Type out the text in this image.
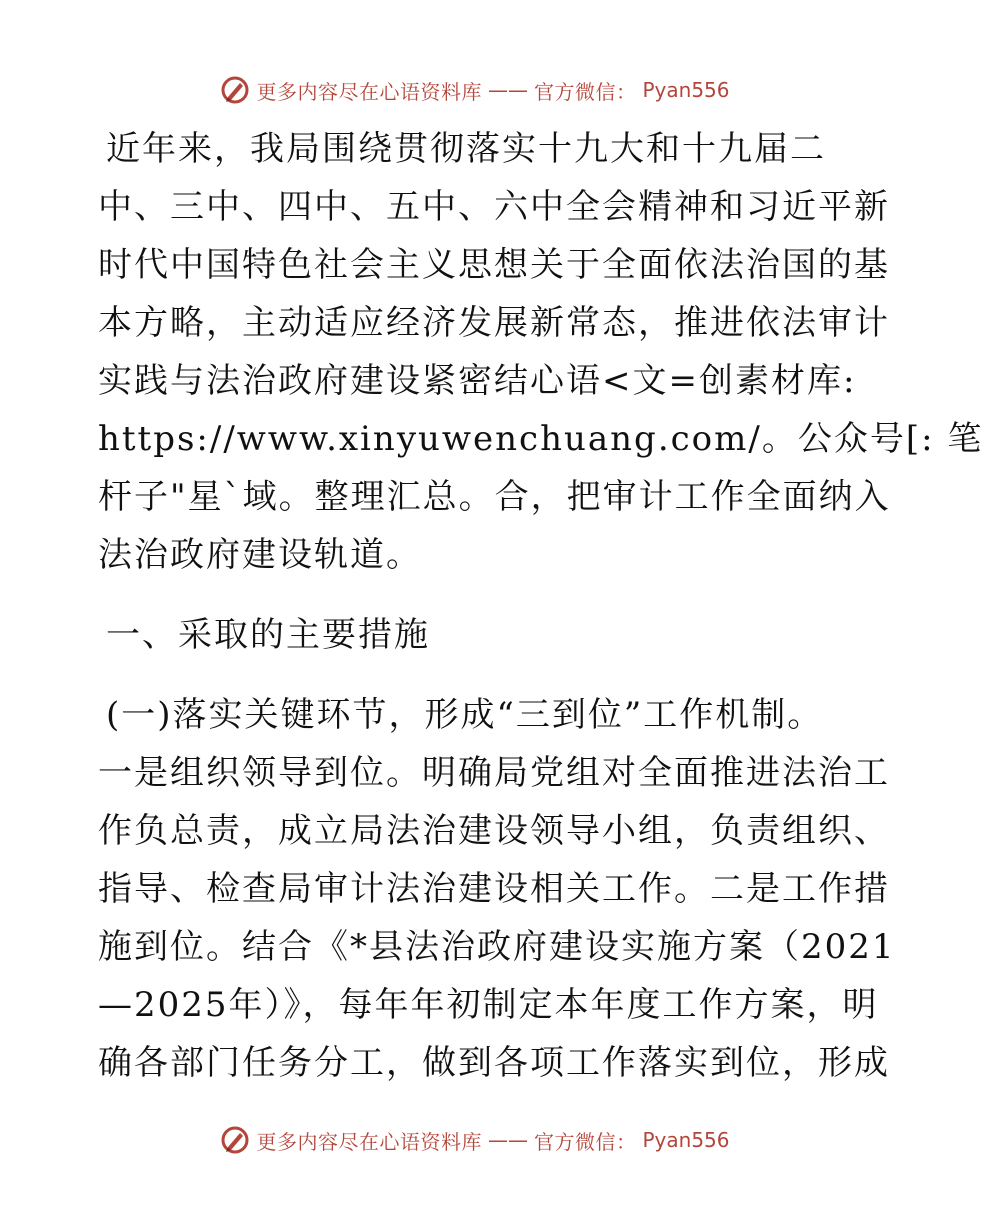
更多内容尽在心语资料库 —— 官方微信： Pyan556
近年来，我局围绕贯彻落实十九大和十九届二
中、三中、四中、五中、六中全会精神和习近平新
时代中国特色社会主义思想关于全面依法治国的基
本方略，主动适应经济发展新常态，推进依法审计
实践与法治政府建设紧密结心语<文=创素材库:
https://www.xinyuwenchuang.com/。公众号[: 笔
杆子"星`域。整理汇总。合，把审计工作全面纳入
法治政府建设轨道。
一、采取的主要措施
(一)落实关键环节，形成“三到位”工作机制。
一是组织领导到位。明确局党组对全面推进法治工
作负总责，成立局法治建设领导小组，负责组织、
指导、检查局审计法治建设相关工作。二是工作措
施到位。结合《*县法治政府建设实施方案（2021
—2025年）》，每年年初制定本年度工作方案，明
确各部门任务分工，做到各项工作落实到位，形成
更多内容尽在心语资料库 —— 官方微信： Pyan556
